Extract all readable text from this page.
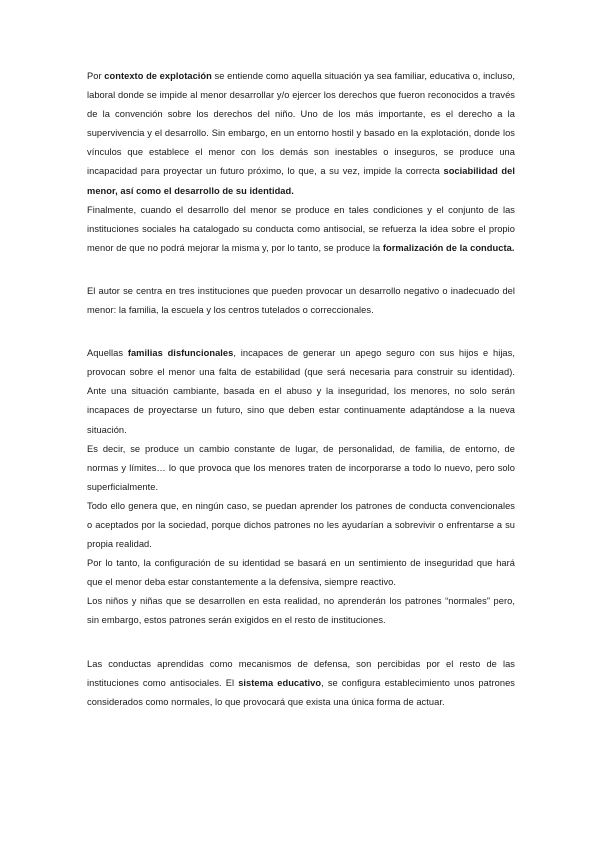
Por contexto de explotación se entiende como aquella situación ya sea familiar, educativa o, incluso, laboral donde se impide al menor desarrollar y/o ejercer los derechos que fueron reconocidos a través de la convención sobre los derechos del niño. Uno de los más importante, es el derecho a la supervivencia y el desarrollo. Sin embargo, en un entorno hostil y basado en la explotación, donde los vínculos que establece el menor con los demás son inestables o inseguros, se produce una incapacidad para proyectar un futuro próximo, lo que, a su vez, impide la correcta sociabilidad del menor, así como el desarrollo de su identidad.

Finalmente, cuando el desarrollo del menor se produce en tales condiciones y el conjunto de las instituciones sociales ha catalogado su conducta como antisocial, se refuerza la idea sobre el propio menor de que no podrá mejorar la misma y, por lo tanto, se produce la formalización de la conducta.

El autor se centra en tres instituciones que pueden provocar un desarrollo negativo o inadecuado del menor: la familia, la escuela y los centros tutelados o correccionales.

Aquellas familias disfuncionales, incapaces de generar un apego seguro con sus hijos e hijas, provocan sobre el menor una falta de estabilidad (que será necesaria para construir su identidad). Ante una situación cambiante, basada en el abuso y la inseguridad, los menores, no solo serán incapaces de proyectarse un futuro, sino que deben estar continuamente adaptándose a la nueva situación.

Es decir, se produce un cambio constante de lugar, de personalidad, de familia, de entorno, de normas y límites… lo que provoca que los menores traten de incorporarse a todo lo nuevo, pero solo superficialmente.

Todo ello genera que, en ningún caso, se puedan aprender los patrones de conducta convencionales o aceptados por la sociedad, porque dichos patrones no les ayudarían a sobrevivir o enfrentarse a su propia realidad.

Por lo tanto, la configuración de su identidad se basará en un sentimiento de inseguridad que hará que el menor deba estar constantemente a la defensiva, siempre reactivo.

Los niños y niñas que se desarrollen en esta realidad, no aprenderán los patrones “normales” pero, sin embargo, estos patrones serán exigidos en el resto de instituciones.

Las conductas aprendidas como mecanismos de defensa, son percibidas por el resto de las instituciones como antisociales. El sistema educativo, se configura establecimiento unos patrones considerados como normales, lo que provocará que exista una única forma de actuar.
